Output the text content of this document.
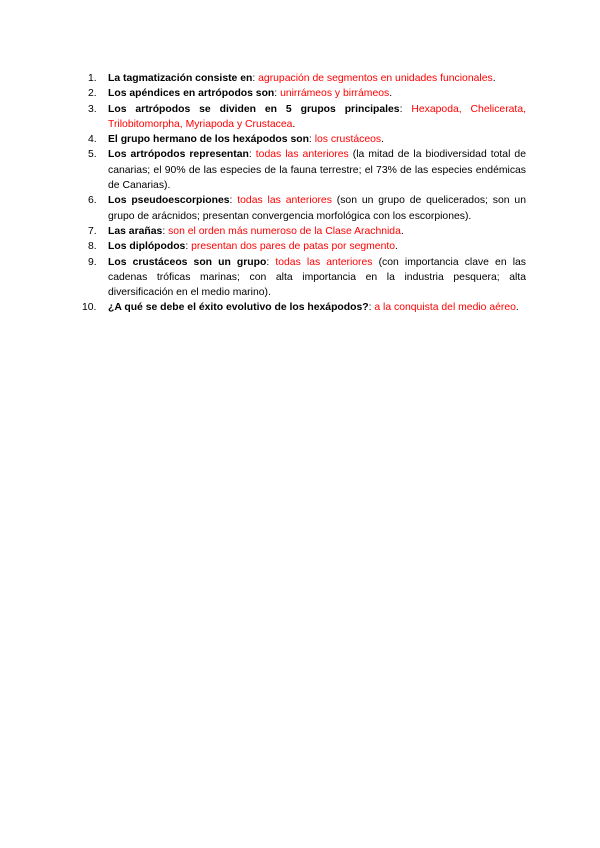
1.	La tagmatización consiste en: agrupación de segmentos en unidades funcionales.
2.	Los apéndices en artrópodos son: unirrámeos y birrámeos.
3.	Los artrópodos se dividen en 5 grupos principales: Hexapoda, Chelicerata, Trilobitomorpha, Myriapoda y Crustacea.
4.	El grupo hermano de los hexápodos son: los crustáceos.
5.	Los artrópodos representan: todas las anteriores (la mitad de la biodiversidad total de canarias; el 90% de las especies de la fauna terrestre; el 73% de las especies endémicas de Canarias).
6.	Los pseudoescorpiones: todas las anteriores (son un grupo de quelicerados; son un grupo de arácnidos; presentan convergencia morfológica con los escorpiones).
7.	Las arañas: son el orden más numeroso de la Clase Arachnida.
8.	Los diplópodos: presentan dos pares de patas por segmento.
9.	Los crustáceos son un grupo: todas las anteriores (con importancia clave en las cadenas tróficas marinas; con alta importancia en la industria pesquera; alta diversificación en el medio marino).
10.	¿A qué se debe el éxito evolutivo de los hexápodos?: a la conquista del medio aéreo.
